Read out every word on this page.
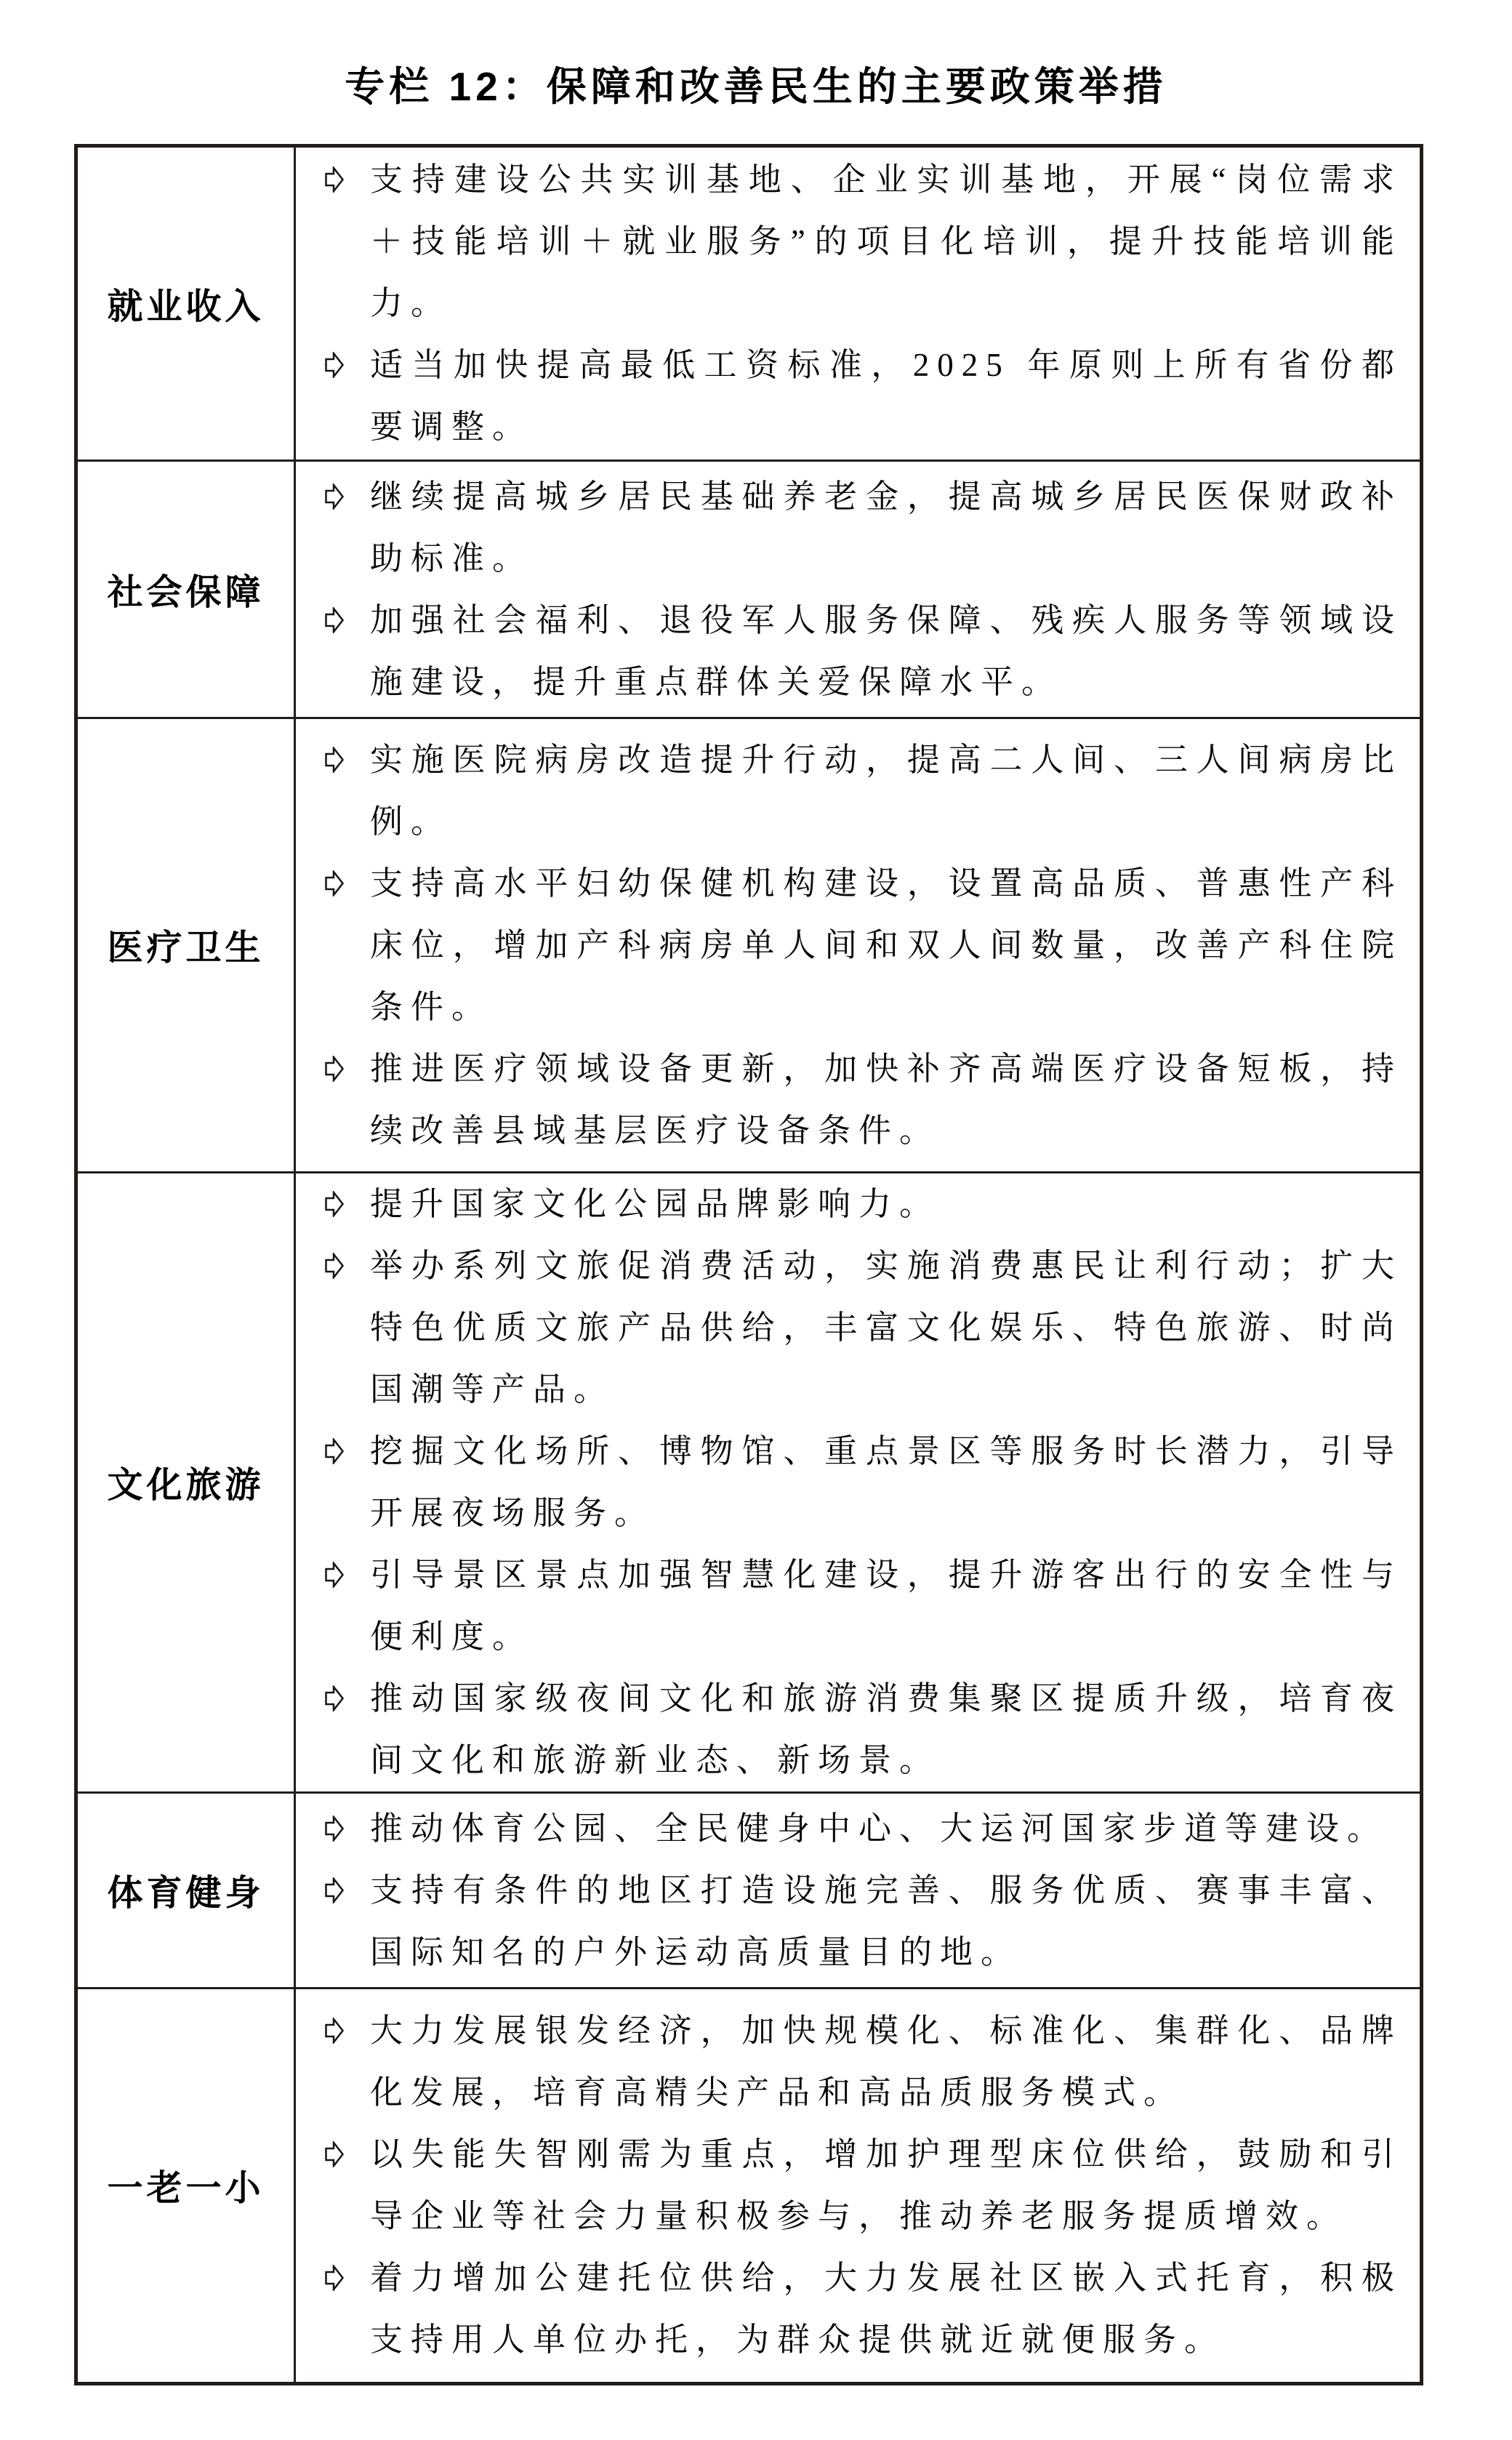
专栏 12：保障和改善民生的主要政策举措
就业收入
支持建设公共实训基地、企业实训基地，开展“岗位需求＋技能培训＋就业服务”的项目化培训，提升技能培训能力。
适当加快提高最低工资标准，2025 年原则上所有省份都要调整。
社会保障
继续提高城乡居民基础养老金，提高城乡居民医保财政补助标准。
加强社会福利、退役军人服务保障、残疾人服务等领域设施建设，提升重点群体关爱保障水平。
医疗卫生
实施医院病房改造提升行动，提高二人间、三人间病房比例。
支持高水平妇幼保健机构建设，设置高品质、普惠性产科床位，增加产科病房单人间和双人间数量，改善产科住院条件。
推进医疗领域设备更新，加快补齐高端医疗设备短板，持续改善县域基层医疗设备条件。
文化旅游
提升国家文化公园品牌影响力。
举办系列文旅促消费活动，实施消费惠民让利行动；扩大特色优质文旅产品供给，丰富文化娱乐、特色旅游、时尚国潮等产品。
挖掘文化场所、博物馆、重点景区等服务时长潜力，引导开展夜场服务。
引导景区景点加强智慧化建设，提升游客出行的安全性与便利度。
推动国家级夜间文化和旅游消费集聚区提质升级，培育夜间文化和旅游新业态、新场景。
体育健身
推动体育公园、全民健身中心、大运河国家步道等建设。
支持有条件的地区打造设施完善、服务优质、赛事丰富、国际知名的户外运动高质量目的地。
一老一小
大力发展银发经济，加快规模化、标准化、集群化、品牌化发展，培育高精尖产品和高品质服务模式。
以失能失智刚需为重点，增加护理型床位供给，鼓励和引导企业等社会力量积极参与，推动养老服务提质增效。
着力增加公建托位供给，大力发展社区嵌入式托育，积极支持用人单位办托，为群众提供就近就便服务。
